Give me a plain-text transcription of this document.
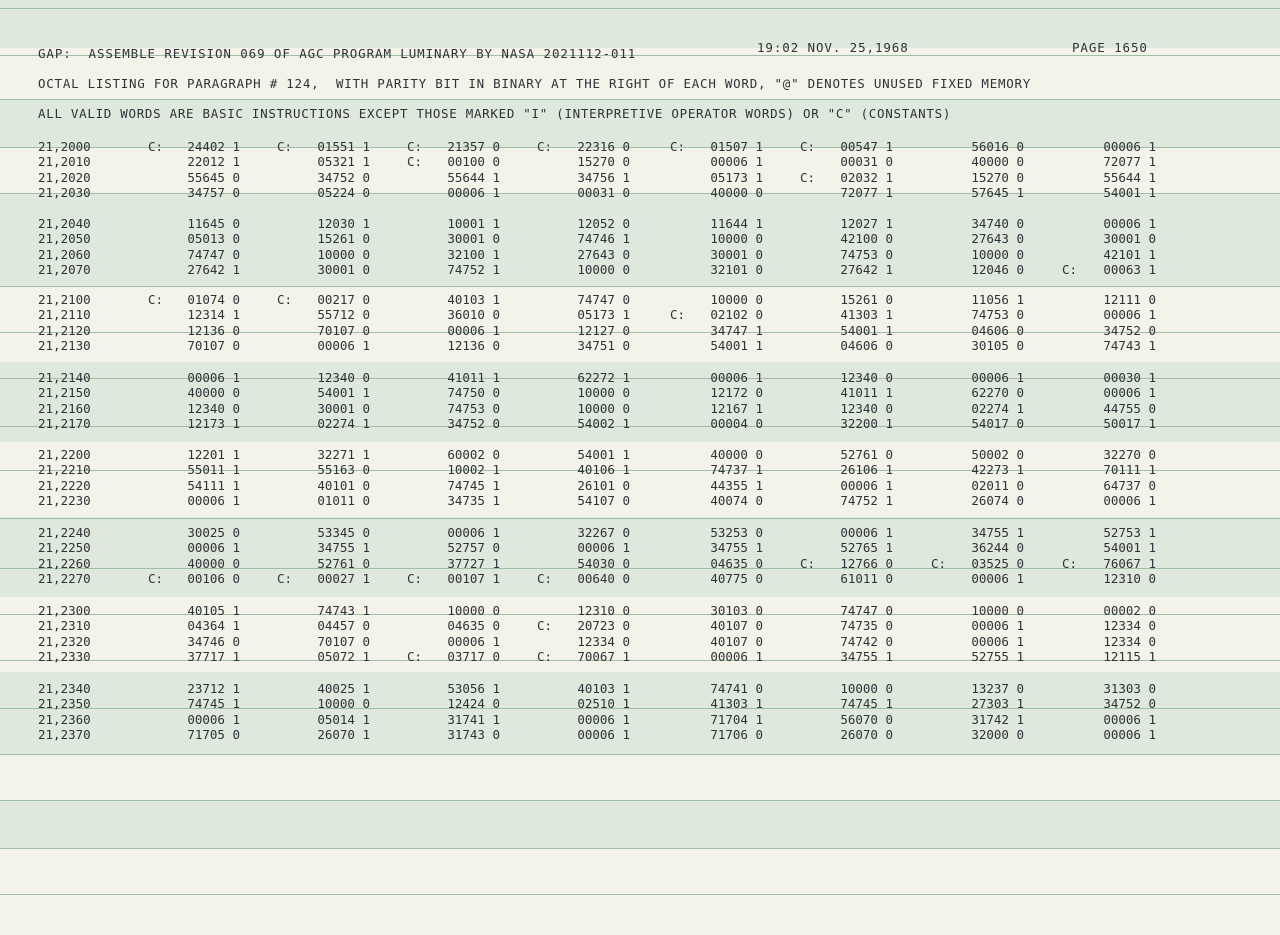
GAP:  ASSEMBLE REVISION 069 OF AGC PROGRAM LUMINARY BY NASA 2021112-011	19:02 NOV. 25,1968	PAGE 1650
OCTAL LISTING FOR PARAGRAPH # 124,  WITH PARITY BIT IN BINARY AT THE RIGHT OF EACH WORD, "@" DENOTES UNUSED FIXED MEMORY
ALL VALID WORDS ARE BASIC INSTRUCTIONS EXCEPT THOSE MARKED "I" (INTERPRETIVE OPERATOR WORDS) OR "C" (CONSTANTS)
21,2000	C:	24402 1	C:	01551 1	C:	21357 0	C:	22316 0	C:	01507 1	C:	00547 1	56016 0	00006 1
21,2010	22012 1	05321 1	C:	00100 0	15270 0	00006 1	00031 0	40000 0	72077 1
21,2020	55645 0	34752 0	55644 1	34756 1	05173 1	C:	02032 1	15270 0	55644 1
21,2030	34757 0	05224 0	00006 1	00031 0	40000 0	72077 1	57645 1	54001 1
21,2040	11645 0	12030 1	10001 1	12052 0	11644 1	12027 1	34740 0	00006 1
21,2050	05013 0	15261 0	30001 0	74746 1	10000 0	42100 0	27643 0	30001 0
21,2060	74747 0	10000 0	32100 1	27643 0	30001 0	74753 0	10000 0	42101 1
21,2070	27642 1	30001 0	74752 1	10000 0	32101 0	27642 1	12046 0	C:	00063 1
21,2100	C:	01074 0	C:	00217 0	40103 1	74747 0	10000 0	15261 0	11056 1	12111 0
21,2110	12314 1	55712 0	36010 0	05173 1	C:	02102 0	41303 1	74753 0	00006 1
21,2120	12136 0	70107 0	00006 1	12127 0	34747 1	54001 1	04606 0	34752 0
21,2130	70107 0	00006 1	12136 0	34751 0	54001 1	04606 0	30105 0	74743 1
21,2140	00006 1	12340 0	41011 1	62272 1	00006 1	12340 0	00006 1	00030 1
21,2150	40000 0	54001 1	74750 0	10000 0	12172 0	41011 1	62270 0	00006 1
21,2160	12340 0	30001 0	74753 0	10000 0	12167 1	12340 0	02274 1	44755 0
21,2170	12173 1	02274 1	34752 0	54002 1	00004 0	32200 1	54017 0	50017 1
21,2200	12201 1	32271 1	60002 0	54001 1	40000 0	52761 0	50002 0	32270 0
21,2210	55011 1	55163 0	10002 1	40106 1	74737 1	26106 1	42273 1	70111 1
21,2220	54111 1	40101 0	74745 1	26101 0	44355 1	00006 1	02011 0	64737 0
21,2230	00006 1	01011 0	34735 1	54107 0	40074 0	74752 1	26074 0	00006 1
21,2240	30025 0	53345 0	00006 1	32267 0	53253 0	00006 1	34755 1	52753 1
21,2250	00006 1	34755 1	52757 0	00006 1	34755 1	52765 1	36244 0	54001 1
21,2260	40000 0	52761 0	37727 1	54030 0	04635 0	C:	12766 0	C:	03525 0	C:	76067 1
21,2270	C:	00106 0	C:	00027 1	C:	00107 1	C:	00640 0	40775 0	61011 0	00006 1	12310 0
21,2300	40105 1	74743 1	10000 0	12310 0	30103 0	74747 0	10000 0	00002 0
21,2310	04364 1	04457 0	04635 0	C:	20723 0	40107 0	74735 0	00006 1	12334 0
21,2320	34746 0	70107 0	00006 1	12334 0	40107 0	74742 0	00006 1	12334 0
21,2330	37717 1	05072 1	C:	03717 0	C:	70067 1	00006 1	34755 1	52755 1	12115 1
21,2340	23712 1	40025 1	53056 1	40103 1	74741 0	10000 0	13237 0	31303 0
21,2350	74745 1	10000 0	12424 0	02510 1	41303 1	74745 1	27303 1	34752 0
21,2360	00006 1	05014 1	31741 1	00006 1	71704 1	56070 0	31742 1	00006 1
21,2370	71705 0	26070 1	31743 0	00006 1	71706 0	26070 0	32000 0	00006 1
